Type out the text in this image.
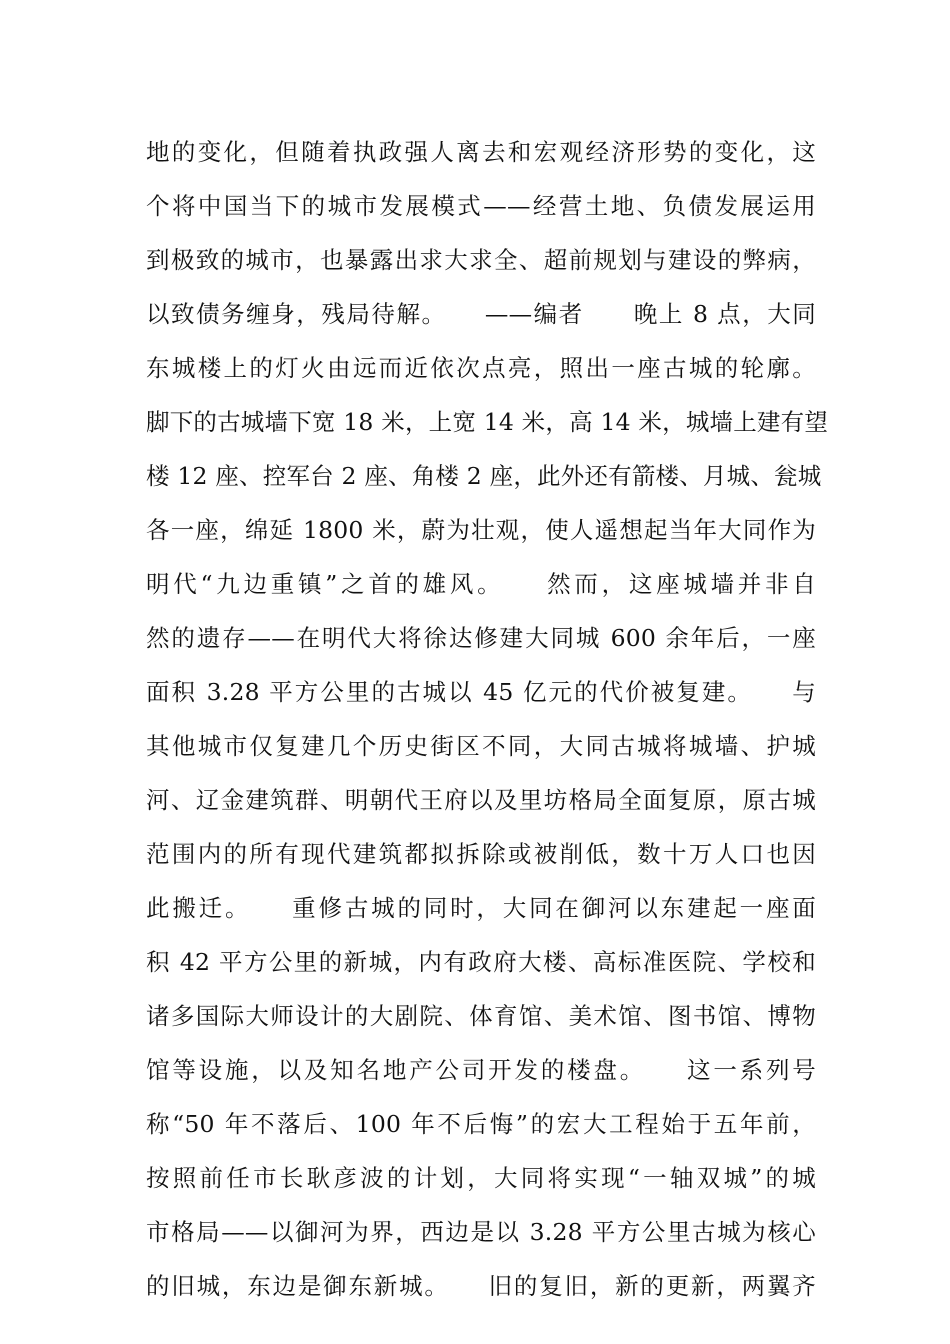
地的变化，但随着执政强人离去和宏观经济形势的变化，这
个将中国当下的城市发展模式——经营土地、负债发展运用
到极致的城市，也暴露出求大求全、超前规划与建设的弊病，
以致债务缠身，残局待解。　　——编者　　晚上 8 点，大同
东城楼上的灯火由远而近依次点亮，照出一座古城的轮廓。
脚下的古城墙下宽 18 米，上宽 14 米，高 14 米，城墙上建有望
楼 12 座、控军台 2 座、角楼 2 座，此外还有箭楼、月城、瓮城
各一座，绵延 1800 米，蔚为壮观，使人遥想起当年大同作为
明代“九边重镇”之首的雄风。　　然而，这座城墙并非自
然的遗存——在明代大将徐达修建大同城 600 余年后，一座
面积 3.28 平方公里的古城以 45 亿元的代价被复建。　　与
其他城市仅复建几个历史街区不同，大同古城将城墙、护城
河、辽金建筑群、明朝代王府以及里坊格局全面复原，原古城
范围内的所有现代建筑都拟拆除或被削低，数十万人口也因
此搬迁。　　重修古城的同时，大同在御河以东建起一座面
积 42 平方公里的新城，内有政府大楼、高标准医院、学校和
诸多国际大师设计的大剧院、体育馆、美术馆、图书馆、博物
馆等设施，以及知名地产公司开发的楼盘。　　这一系列号
称“50 年不落后、100 年不后悔”的宏大工程始于五年前，
按照前任市长耿彦波的计划，大同将实现“一轴双城”的城
市格局——以御河为界，西边是以 3.28 平方公里古城为核心
的旧城，东边是御东新城。　　旧的复旧，新的更新，两翼齐
